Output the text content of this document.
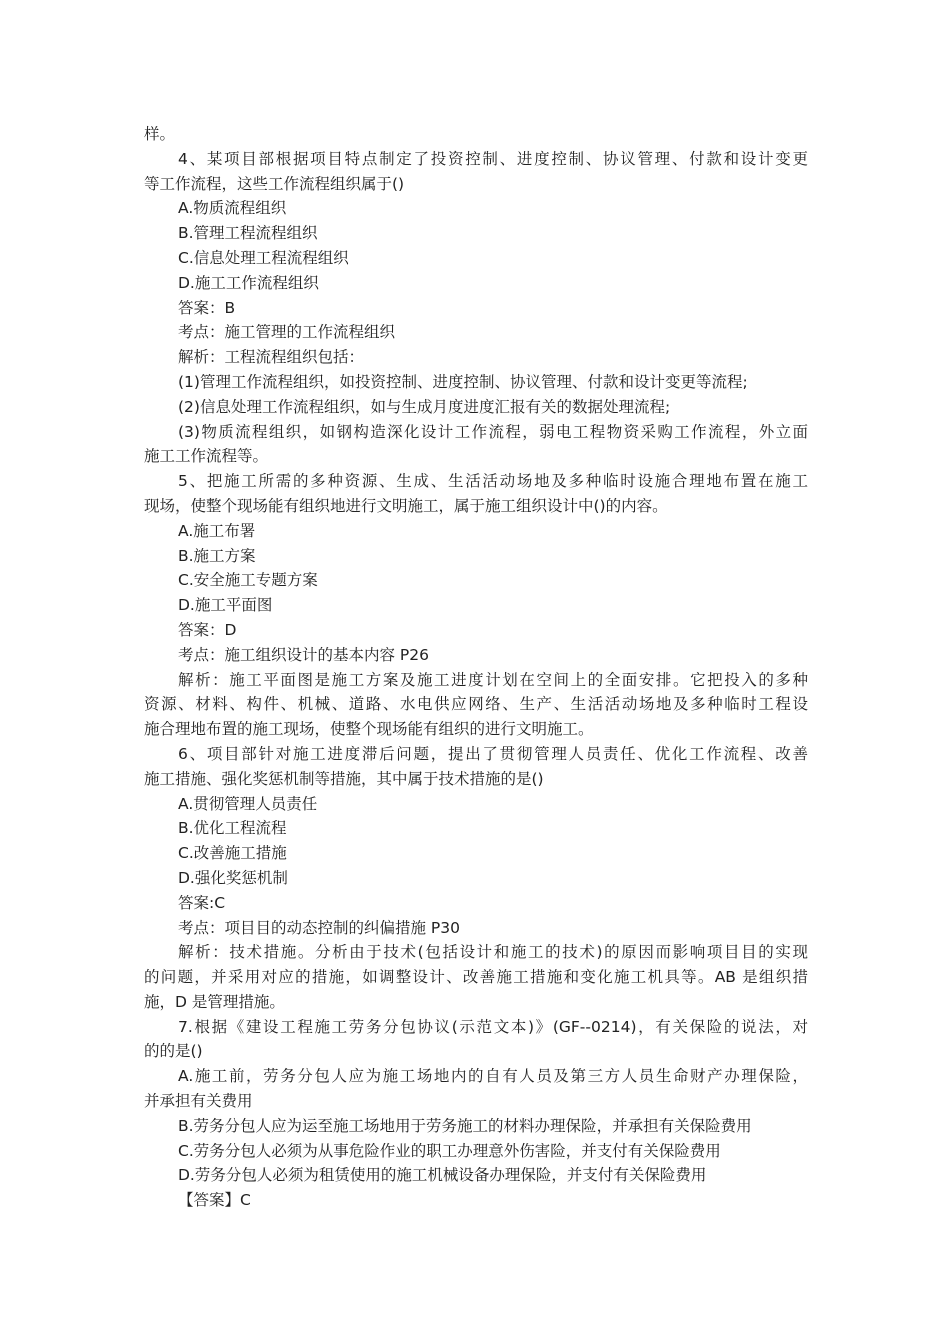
样。
4、某项目部根据项目特点制定了投资控制、进度控制、协议管理、付款和设计变更
等工作流程，这些工作流程组织属于()
A.物质流程组织
B.管理工程流程组织
C.信息处理工程流程组织
D.施工工作流程组织
答案：B
考点：施工管理的工作流程组织
解析：工程流程组织包括：
(1)管理工作流程组织，如投资控制、进度控制、协议管理、付款和设计变更等流程;
(2)信息处理工作流程组织，如与生成月度进度汇报有关的数据处理流程;
(3)物质流程组织，如钢构造深化设计工作流程，弱电工程物资采购工作流程，外立面
施工工作流程等。
5、把施工所需的多种资源、生成、生活活动场地及多种临时设施合理地布置在施工
现场，使整个现场能有组织地进行文明施工，属于施工组织设计中()的内容。
A.施工布署
B.施工方案
C.安全施工专题方案
D.施工平面图
答案：D
考点：施工组织设计的基本内容 P26
解析：施工平面图是施工方案及施工进度计划在空间上的全面安排。它把投入的多种
资源、材料、构件、机械、道路、水电供应网络、生产、生活活动场地及多种临时工程设
施合理地布置的施工现场，使整个现场能有组织的进行文明施工。
6、项目部针对施工进度滞后问题，提出了贯彻管理人员责任、优化工作流程、改善
施工措施、强化奖惩机制等措施，其中属于技术措施的是()
A.贯彻管理人员责任
B.优化工程流程
C.改善施工措施
D.强化奖惩机制
答案:C
考点：项目目的动态控制的纠偏措施 P30
解析：技术措施。分析由于技术(包括设计和施工的技术)的原因而影响项目目的实现
的问题，并采用对应的措施，如调整设计、改善施工措施和变化施工机具等。AB 是组织措
施，D 是管理措施。
7.根据《建设工程施工劳务分包协议(示范文本)》(GF--0214)，有关保险的说法，对
的的是()
A.施工前，劳务分包人应为施工场地内的自有人员及第三方人员生命财产办理保险，
并承担有关费用
B.劳务分包人应为运至施工场地用于劳务施工的材料办理保险，并承担有关保险费用
C.劳务分包人必须为从事危险作业的职工办理意外伤害险，并支付有关保险费用
D.劳务分包人必须为租赁使用的施工机械设备办理保险，并支付有关保险费用
【答案】C
